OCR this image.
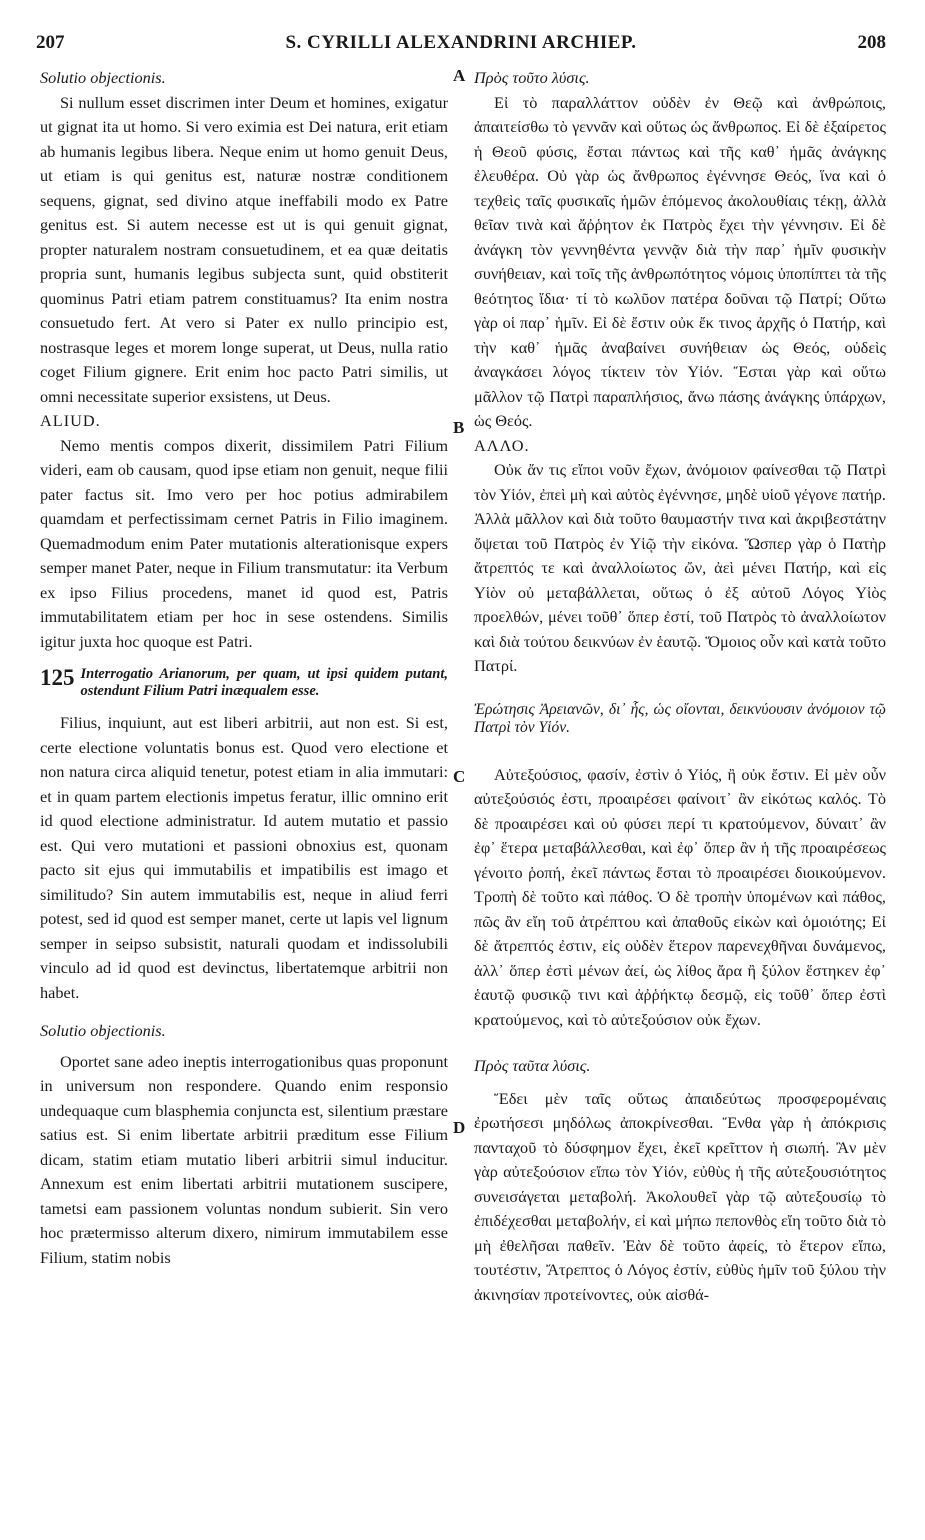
207	S. CYRILLI ALEXANDRINI ARCHIEP.	208
A
B
C
D

Solutio objectionis.

Si nullum esset discrimen inter Deum et homines, exigatur ut gignat ita ut homo. Si vero eximia est Dei natura, erit etiam ab humanis legibus libera. Neque enim ut homo genuit Deus, ut etiam is qui genitus est, naturæ nostræ conditionem sequens, gignat, sed divino atque ineffabili modo ex Patre genitus est. Si autem necesse est ut is qui genuit gignat, propter naturalem nostram consuetudinem, et ea quæ deitatis propria sunt, humanis legibus subjecta sunt, quid obstiterit quominus Patri etiam patrem constituamus? Ita enim nostra consuetudo fert. At vero si Pater ex nullo principio est, nostrasque leges et morem longe superat, ut Deus, nulla ratio coget Filium gignere. Erit enim hoc pacto Patri similis, ut omni necessitate superior exsistens, ut Deus.

ALIUD.

Nemo mentis compos dixerit, dissimilem Patri Filium videri, eam ob causam, quod ipse etiam non genuit, neque filii pater factus sit. Imo vero per hoc potius admirabilem quamdam et perfectissimam cernet Patris in Filio imaginem. Quemadmodum enim Pater mutationis alterationisque expers semper manet Pater, neque in Filium transmutatur: ita Verbum ex ipso Filius procedens, manet id quod est, Patris immutabilitatem etiam per hoc in sese ostendens. Similis igitur juxta hoc quoque est Patri.

125 Interrogatio Arianorum, per quam, ut ipsi quidem putant, ostendunt Filium Patri inæqualem esse.

Filius, inquiunt, aut est liberi arbitrii, aut non est. Si est, certe electione voluntatis bonus est. Quod vero electione et non natura circa aliquid tenetur, potest etiam in alia immutari: et in quam partem electionis impetus feratur, illic omnino erit id quod electione administratur. Id autem mutatio et passio est. Qui vero mutationi et passioni obnoxius est, quonam pacto sit ejus qui immutabilis et impatibilis est imago et similitudo? Sin autem immutabilis est, neque in aliud ferri potest, sed id quod est semper manet, certe ut lapis vel lignum semper in seipso subsistit, naturali quodam et indissolubili vinculo ad id quod est devinctus, libertatemque arbitrii non habet.

Solutio objectionis.

Oportet sane adeo ineptis interrogationibus quas proponunt in universum non respondere. Quando enim responsio undequaque cum blasphemia conjuncta est, silentium præstare satius est. Si enim libertate arbitrii præditum esse Filium dicam, statim etiam mutatio liberi arbitrii simul inducitur. Annexum est enim libertati arbitrii mutationem suscipere, tametsi eam passionem voluntas nondum subierit. Sin vero hoc prætermisso alterum dixero, nimirum immutabilem esse Filium, statim nobis

Πρὸς τοῦτο λύσις.

Εἰ τὸ παραλλάττον οὐδὲν ἐν Θεῷ καὶ ἀνθρώποις, ἀπαιτείσθω τὸ γεννᾶν καὶ οὕτως ὡς ἄνθρωπος. Εἰ δὲ ἐξαίρετος ἡ Θεοῦ φύσις, ἔσται πάντως καὶ τῆς καθ᾽ ἡμᾶς ἀνάγκης ἐλευθέρα. Οὐ γὰρ ὡς ἄνθρωπος ἐγέννησε Θεός, ἵνα καὶ ὁ τεχθεὶς ταῖς φυσικαῖς ἡμῶν ἑπόμενος ἀκολουθίαις τέκῃ, ἀλλὰ θεῖαν τινὰ καὶ ἄῤῥητον ἐκ Πατρὸς ἔχει τὴν γέννησιν. Εἰ δὲ ἀνάγκη τὸν γεννηθέντα γεννᾷν διὰ τὴν παρ᾽ ἡμῖν φυσικὴν συνήθειαν, καὶ τοῖς τῆς ἀνθρωπότητος νόμοις ὑποπίπτει τὰ τῆς θεότητος ἴδια· τί τὸ κωλῦον πατέρα δοῦναι τῷ Πατρί; Οὕτω γὰρ οἱ παρ᾽ ἡμῖν. Εἰ δὲ ἔστιν οὐκ ἔκ τινος ἀρχῆς ὁ Πατήρ, καὶ τὴν καθ᾽ ἡμᾶς ἀναβαίνει συνήθειαν ὡς Θεός, οὐδεὶς ἀναγκάσει λόγος τίκτειν τὸν Υἱόν. Ἔσται γὰρ καὶ οὕτω μᾶλλον τῷ Πατρὶ παραπλήσιος, ἄνω πάσης ἀνάγκης ὑπάρχων, ὡς Θεός.

ΑΛΛΟ.

Οὐκ ἄν τις εἴποι νοῦν ἔχων, ἀνόμοιον φαίνεσθαι τῷ Πατρὶ τὸν Υἱόν, ἐπεὶ μὴ καὶ αὐτὸς ἐγέννησε, μηδὲ υἱοῦ γέγονε πατήρ. Ἀλλὰ μᾶλλον καὶ διὰ τοῦτο θαυμαστήν τινα καὶ ἀκριβεστάτην ὄψεται τοῦ Πατρὸς ἐν Υἱῷ τὴν εἰκόνα. Ὥσπερ γὰρ ὁ Πατὴρ ἄτρεπτός τε καὶ ἀναλλοίωτος ὤν, ἀεὶ μένει Πατήρ, καὶ εἰς Υἱὸν οὐ μεταβάλλεται, οὕτως ὁ ἐξ αὐτοῦ Λόγος Υἱὸς προελθών, μένει τοῦθ᾽ ὅπερ ἐστί, τοῦ Πατρὸς τὸ ἀναλλοίωτον καὶ διὰ τούτου δεικνύων ἐν ἑαυτῷ. Ὅμοιος οὖν καὶ κατὰ τοῦτο Πατρί.

Ἐρώτησις Ἀρειανῶν, δι᾽ ἧς, ὡς οἴονται, δεικνύουσιν ἀνόμοιον τῷ Πατρὶ τὸν Υἱόν.

Αὐτεξούσιος, φασίν, ἐστὶν ὁ Υἱός, ἢ οὐκ ἔστιν. Εἰ μὲν οὖν αὐτεξούσιός ἐστι, προαιρέσει φαίνοιτ᾽ ἂν εἰκότως καλός. Τὸ δὲ προαιρέσει καὶ οὐ φύσει περί τι κρατούμενον, δύναιτ᾽ ἂν ἐφ᾽ ἕτερα μεταβάλλεσθαι, καὶ ἐφ᾽ ὅπερ ἂν ἡ τῆς προαιρέσεως γένοιτο ῥοπή, ἐκεῖ πάντως ἔσται τὸ προαιρέσει διοικούμενον. Τροπὴ δὲ τοῦτο καὶ πάθος. Ὁ δὲ τροπὴν ὑπομένων καὶ πάθος, πῶς ἂν εἴη τοῦ ἀτρέπτου καὶ ἀπαθοῦς εἰκὼν καὶ ὁμοιότης; Εἰ δὲ ἄτρεπτός ἐστιν, εἰς οὐδὲν ἕτερον παρενεχθῆναι δυνάμενος, ἀλλ᾽ ὅπερ ἐστὶ μένων ἀεί, ὡς λίθος ἄρα ἢ ξύλον ἕστηκεν ἐφ᾽ ἑαυτῷ φυσικῷ τινι καὶ ἀῤῥήκτῳ δεσμῷ, εἰς τοῦθ᾽ ὅπερ ἐστὶ κρατούμενος, καὶ τὸ αὐτεξούσιον οὐκ ἔχων.

Πρὸς ταῦτα λύσις.

Ἔδει μὲν ταῖς οὕτως ἀπαιδεύτως προσφερομέναις ἐρωτήσεσι μηδόλως ἀποκρίνεσθαι. Ἔνθα γὰρ ἡ ἀπόκρισις πανταχοῦ τὸ δύσφημον ἔχει, ἐκεῖ κρεῖττον ἡ σιωπή. Ἂν μὲν γὰρ αὐτεξούσιον εἴπω τὸν Υἱόν, εὐθὺς ἡ τῆς αὐτεξουσιότητος συνεισάγεται μεταβολή. Ἀκολουθεῖ γὰρ τῷ αὐτεξουσίῳ τὸ ἐπιδέχεσθαι μεταβολήν, εἰ καὶ μήπω πεπονθὸς εἴη τοῦτο διὰ τὸ μὴ ἐθελῆσαι παθεῖν. Ἐὰν δὲ τοῦτο ἀφείς, τὸ ἕτερον εἴπω, τουτέστιν, Ἄτρεπτος ὁ Λόγος ἐστίν, εὐθὺς ἡμῖν τοῦ ξύλου τὴν ἀκινησίαν προτείνοντες, οὐκ αἰσθά-
